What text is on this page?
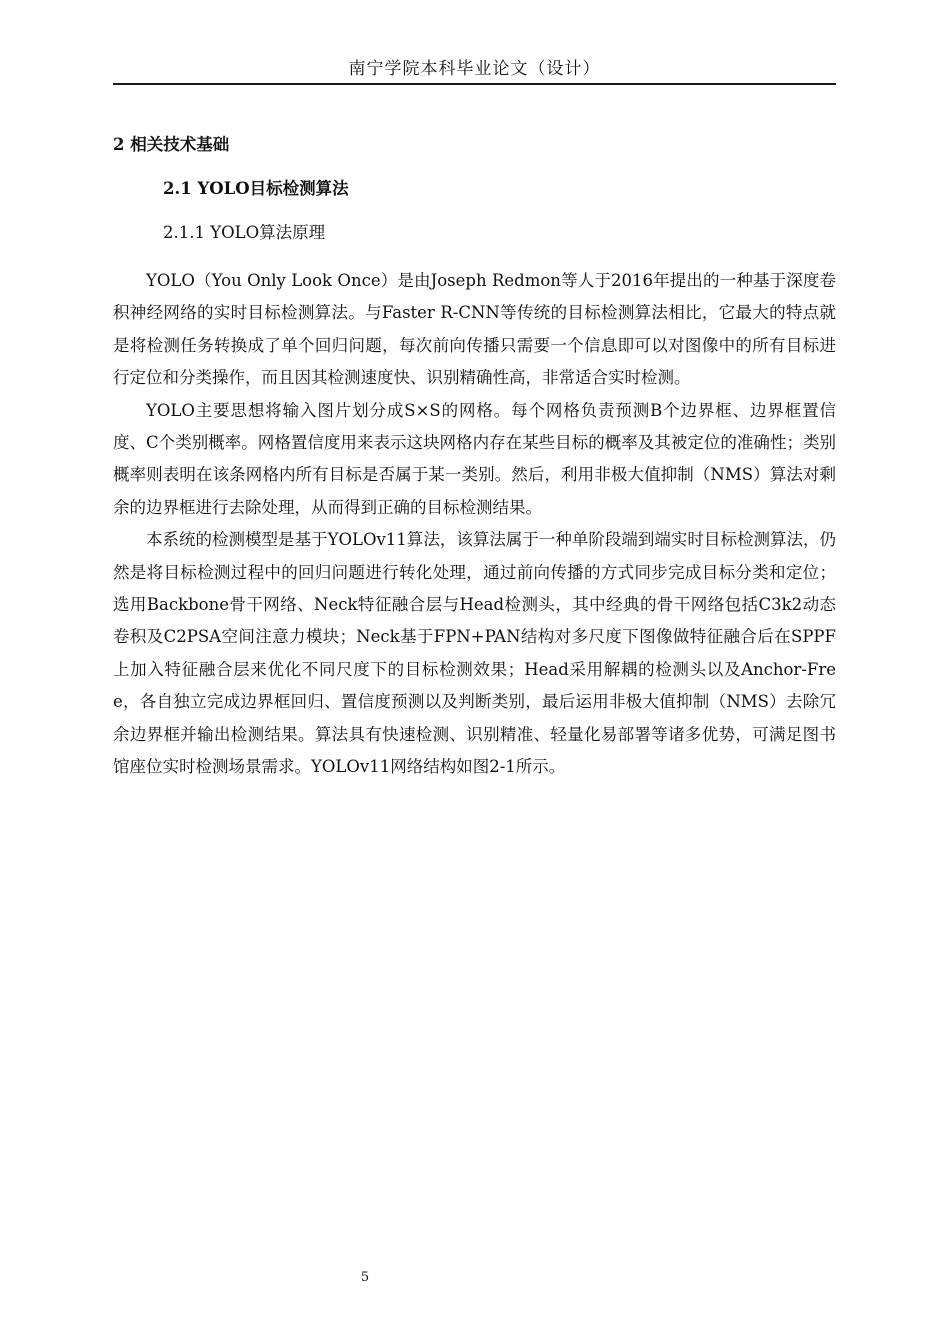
南宁学院本科毕业论文（设计）
2 相关技术基础
2.1 YOLO目标检测算法
2.1.1 YOLO算法原理

YOLO（You Only Look Once）是由Joseph Redmon等人于2016年提出的一种基于深度卷积神经网络的实时目标检测算法。与Faster R-CNN等传统的目标检测算法相比，它最大的特点就是将检测任务转换成了单个回归问题，每次前向传播只需要一个信息即可以对图像中的所有目标进行定位和分类操作，而且因其检测速度快、识别精确性高，非常适合实时检测。

YOLO主要思想将输入图片划分成S×S的网格。每个网格负责预测B个边界框、边界框置信度、C个类别概率。网格置信度用来表示这块网格内存在某些目标的概率及其被定位的准确性；类别概率则表明在该条网格内所有目标是否属于某一类别。然后，利用非极大值抑制（NMS）算法对剩余的边界框进行去除处理，从而得到正确的目标检测结果。

本系统的检测模型是基于YOLOv11算法，该算法属于一种单阶段端到端实时目标检测算法，仍然是将目标检测过程中的回归问题进行转化处理，通过前向传播的方式同步完成目标分类和定位；选用Backbone骨干网络、Neck特征融合层与Head检测头，其中经典的骨干网络包括C3k2动态卷积及C2PSA空间注意力模块；Neck基于FPN+PAN结构对多尺度下图像做特征融合后在SPPF上加入特征融合层来优化不同尺度下的目标检测效果；Head采用解耦的检测头以及Anchor-Free，各自独立完成边界框回归、置信度预测以及判断类别，最后运用非极大值抑制（NMS）去除冗余边界框并输出检测结果。算法具有快速检测、识别精准、轻量化易部署等诸多优势，可满足图书馆座位实时检测场景需求。YOLOv11网络结构如图2-1所示。

5
